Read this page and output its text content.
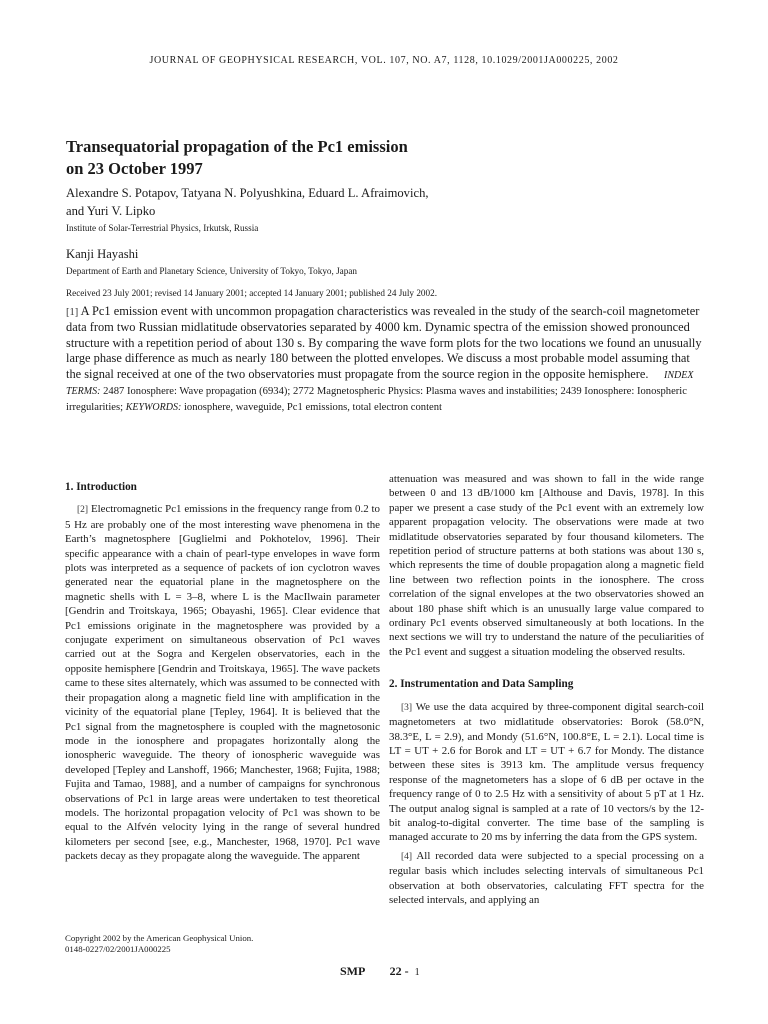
JOURNAL OF GEOPHYSICAL RESEARCH, VOL. 107, NO. A7, 1128, 10.1029/2001JA000225, 2002
Transequatorial propagation of the Pc1 emission
on 23 October 1997

Alexandre S. Potapov, Tatyana N. Polyushkina, Eduard L. Afraimovich,
and Yuri V. Lipko

Institute of Solar-Terrestrial Physics, Irkutsk, Russia

Kanji Hayashi

Department of Earth and Planetary Science, University of Tokyo, Tokyo, Japan

Received 23 July 2001; revised 14 January 2001; accepted 14 January 2001; published 24 July 2002.

[1] A Pc1 emission event with uncommon propagation characteristics was revealed in the study of the search-coil magnetometer data from two Russian midlatitude observatories separated by 4000 km. Dynamic spectra of the emission showed pronounced structure with a repetition period of about 130 s. By comparing the wave form plots for the two locations we found an unusually large phase difference as much as nearly 180 between the plotted envelopes. We discuss a most probable model assuming that the signal received at one of the two observatories must propagate from the source region in the opposite hemisphere. INDEX TERMS: 2487 Ionosphere: Wave propagation (6934); 2772 Magnetospheric Physics: Plasma waves and instabilities; 2439 Ionosphere: Ionospheric irregularities; KEYWORDS: ionosphere, waveguide, Pc1 emissions, total electron content

1. Introduction

[2] Electromagnetic Pc1 emissions in the frequency range from 0.2 to 5 Hz are probably one of the most interesting wave phenomena in the Earth’s magnetosphere [Guglielmi and Pokhotelov, 1996]. Their specific appearance with a chain of pearl-type envelopes in wave form plots was interpreted as a sequence of packets of ion cyclotron waves generated near the equatorial plane in the magnetosphere on the magnetic shells with L = 3–8, where L is the MacIlwain parameter [Gendrin and Troitskaya, 1965; Obayashi, 1965]. Clear evidence that Pc1 emissions originate in the magnetosphere was provided by a conjugate experiment on simultaneous observation of Pc1 waves carried out at the Sogra and Kergelen observatories, each in the opposite hemisphere [Gendrin and Troitskaya, 1965]. The wave packets came to these sites alternately, which was assumed to be connected with their propagation along a magnetic field line with amplification in the vicinity of the equatorial plane [Tepley, 1964]. It is believed that the Pc1 signal from the magnetosphere is coupled with the magnetosonic mode in the ionosphere and propagates horizontally along the ionospheric waveguide. The theory of ionospheric waveguide was developed [Tepley and Lanshoff, 1966; Manchester, 1968; Fujita, 1988; Fujita and Tamao, 1988], and a number of campaigns for synchronous observations of Pc1 in large areas were undertaken to test theoretical models. The horizontal propagation velocity of Pc1 was shown to be equal to the Alfvén velocity lying in the range of several hundred kilometers per second [see, e.g., Manchester, 1968, 1970]. Pc1 wave packets decay as they propagate along the waveguide. The apparent

attenuation was measured and was shown to fall in the wide range between 0 and 13 dB/1000 km [Althouse and Davis, 1978]. In this paper we present a case study of the Pc1 event with an extremely low apparent propagation velocity. The observations were made at two midlatitude observatories separated by four thousand kilometers. The repetition period of structure patterns at both stations was about 130 s, which represents the time of double propagation along a magnetic field line between two reflection points in the ionosphere. The cross correlation of the signal envelopes at the two observatories showed an about 180 phase shift which is an unusually large value compared to ordinary Pc1 events observed simultaneously at both locations. In the next sections we will try to understand the nature of the peculiarities of the Pc1 event and suggest a situation modeling the observed results.

2. Instrumentation and Data Sampling

[3] We use the data acquired by three-component digital search-coil magnetometers at two midlatitude observatories: Borok (58.0°N, 38.3°E, L = 2.9), and Mondy (51.6°N, 100.8°E, L = 2.1). Local time is LT = UT + 2.6 for Borok and LT = UT + 6.7 for Mondy. The distance between these sites is 3913 km. The amplitude versus frequency response of the magnetometers has a slope of 6 dB per octave in the frequency range of 0 to 2.5 Hz with a sensitivity of about 5 pT at 1 Hz. The output analog signal is sampled at a rate of 10 vectors/s by the 12-bit analog-to-digital converter. The time base of the sampling is managed accurate to 20 ms by inferring the data from the GPS system.

[4] All recorded data were subjected to a special processing on a regular basis which includes selecting intervals of simultaneous Pc1 observation at both observatories, calculating FFT spectra for the selected intervals, and applying an

Copyright 2002 by the American Geophysical Union.
0148-0227/02/2001JA000225
SMP 22 - 1
